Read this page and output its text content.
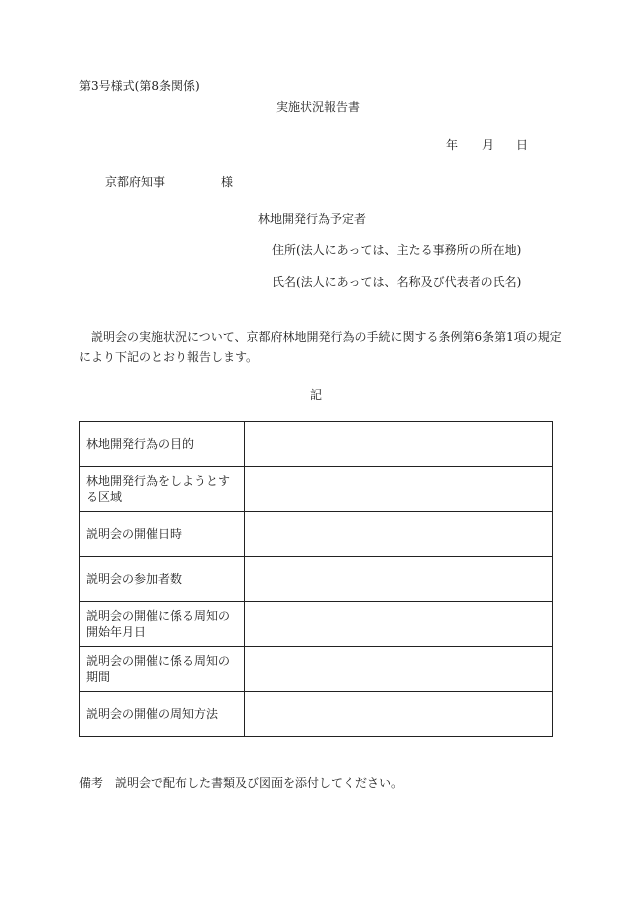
第3号様式(第8条関係)
実施状況報告書
年 月 日
京都府知事	様
林地開発行為予定者
住所(法人にあっては、主たる事務所の所在地)
氏名(法人にあっては、名称及び代表者の氏名)
　説明会の実施状況について、京都府林地開発行為の手続に関する条例第6条第1項の規定
により下記のとおり報告します。
記
林地開発行為の目的	
林地開発行為をしようとする区域	
説明会の開催日時	
説明会の参加者数	
説明会の開催に係る周知の開始年月日	
説明会の開催に係る周知の期間	
説明会の開催の周知方法	
備考 説明会で配布した書類及び図面を添付してください。
